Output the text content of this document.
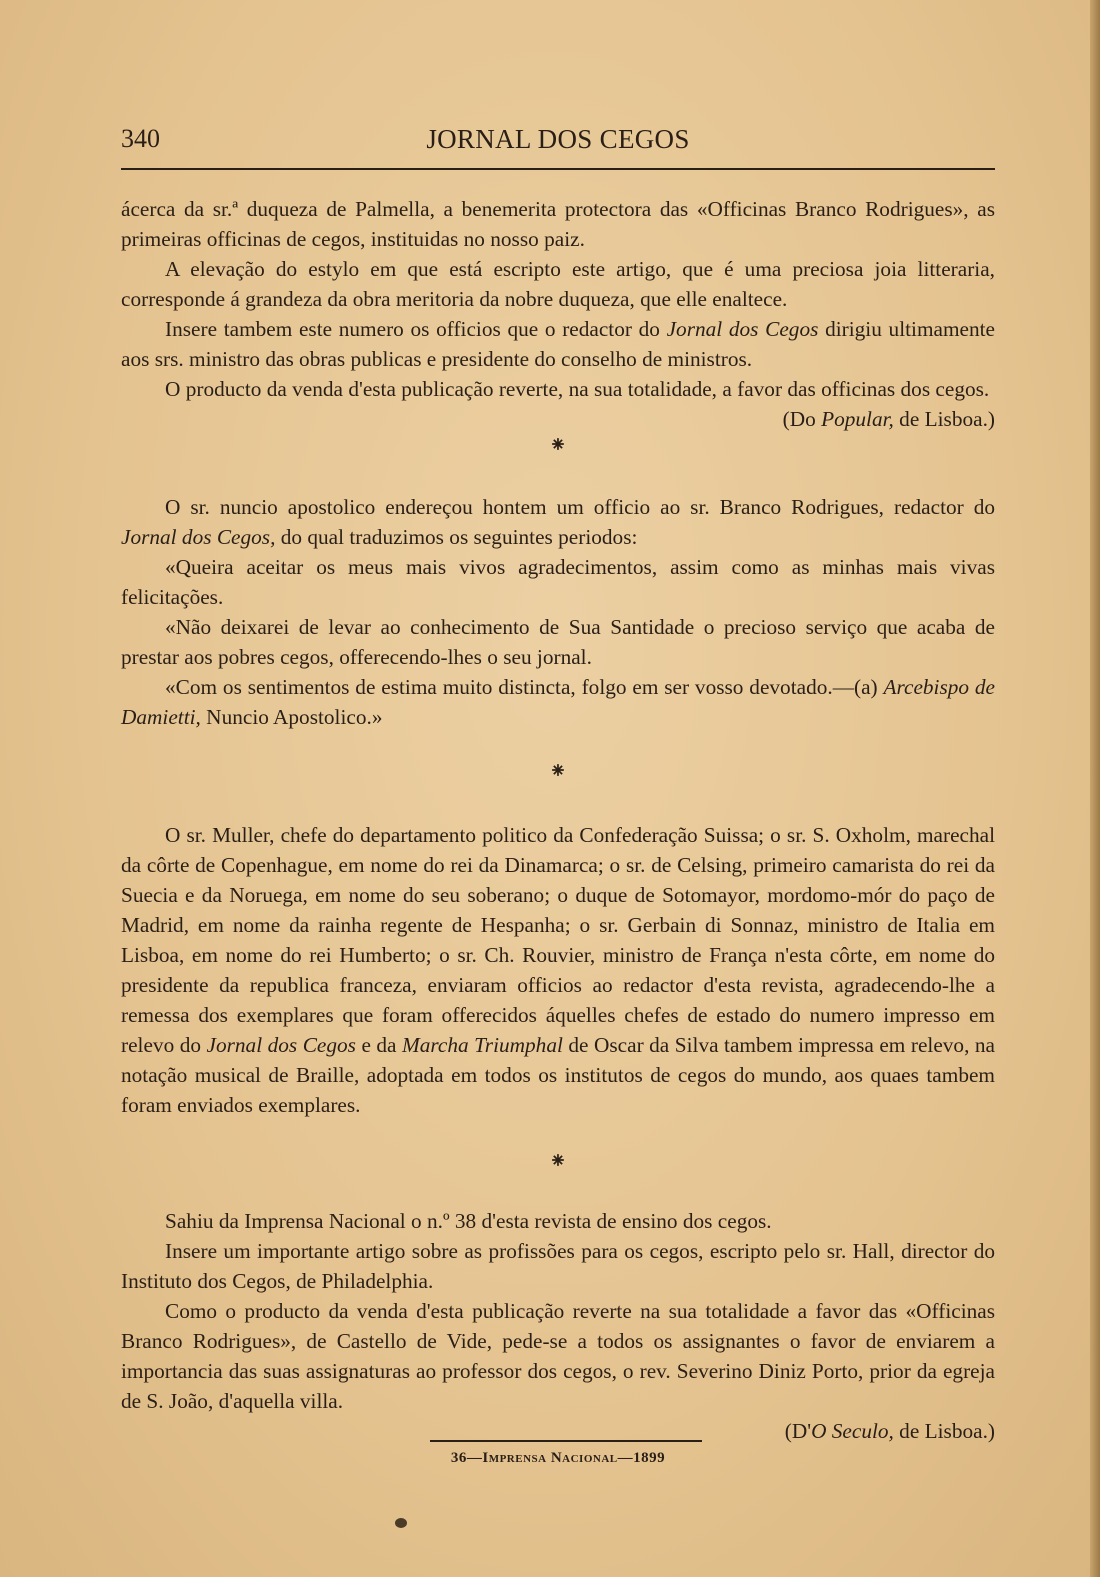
340	JORNAL DOS CEGOS

ácerca da sr.ª duqueza de Palmella, a benemerita protectora das «Officinas Branco Rodrigues», as primeiras officinas de cegos, instituidas no nosso paiz.

A elevação do estylo em que está escripto este artigo, que é uma preciosa joia litteraria, corresponde á grandeza da obra meritoria da nobre duqueza, que elle enaltece.

Insere tambem este numero os officios que o redactor do Jornal dos Cegos dirigiu ultimamente aos srs. ministro das obras publicas e presidente do conselho de ministros.

O producto da venda d'esta publicação reverte, na sua totalidade, a favor das officinas dos cegos.

(Do Popular, de Lisboa.)

⁕

O sr. nuncio apostolico endereçou hontem um officio ao sr. Branco Rodrigues, redactor do Jornal dos Cegos, do qual traduzimos os seguintes periodos:

«Queira aceitar os meus mais vivos agradecimentos, assim como as minhas mais vivas felicitações.

«Não deixarei de levar ao conhecimento de Sua Santidade o precioso serviço que acaba de prestar aos pobres cegos, offerecendo-lhes o seu jornal.

«Com os sentimentos de estima muito distincta, folgo em ser vosso devotado.—(a) Arcebispo de Damietti, Nuncio Apostolico.»

⁕

O sr. Muller, chefe do departamento politico da Confederação Suissa; o sr. S. Oxholm, marechal da côrte de Copenhague, em nome do rei da Dinamarca; o sr. de Celsing, primeiro camarista do rei da Suecia e da Noruega, em nome do seu soberano; o duque de Sotomayor, mordomo-mór do paço de Madrid, em nome da rainha regente de Hespanha; o sr. Gerbain di Sonnaz, ministro de Italia em Lisboa, em nome do rei Humberto; o sr. Ch. Rouvier, ministro de França n'esta côrte, em nome do presidente da republica franceza, enviaram officios ao redactor d'esta revista, agradecendo-lhe a remessa dos exemplares que foram offerecidos áquelles chefes de estado do numero impresso em relevo do Jornal dos Cegos e da Marcha Triumphal de Oscar da Silva tambem impressa em relevo, na notação musical de Braille, adoptada em todos os institutos de cegos do mundo, aos quaes tambem foram enviados exemplares.

⁕

Sahiu da Imprensa Nacional o n.º 38 d'esta revista de ensino dos cegos.

Insere um importante artigo sobre as profissões para os cegos, escripto pelo sr. Hall, director do Instituto dos Cegos, de Philadelphia.

Como o producto da venda d'esta publicação reverte na sua totalidade a favor das «Officinas Branco Rodrigues», de Castello de Vide, pede-se a todos os assignantes o favor de enviarem a importancia das suas assignaturas ao professor dos cegos, o rev. Severino Diniz Porto, prior da egreja de S. João, d'aquella villa.

(D'O Seculo, de Lisboa.)

36—Imprensa Nacional—1899
